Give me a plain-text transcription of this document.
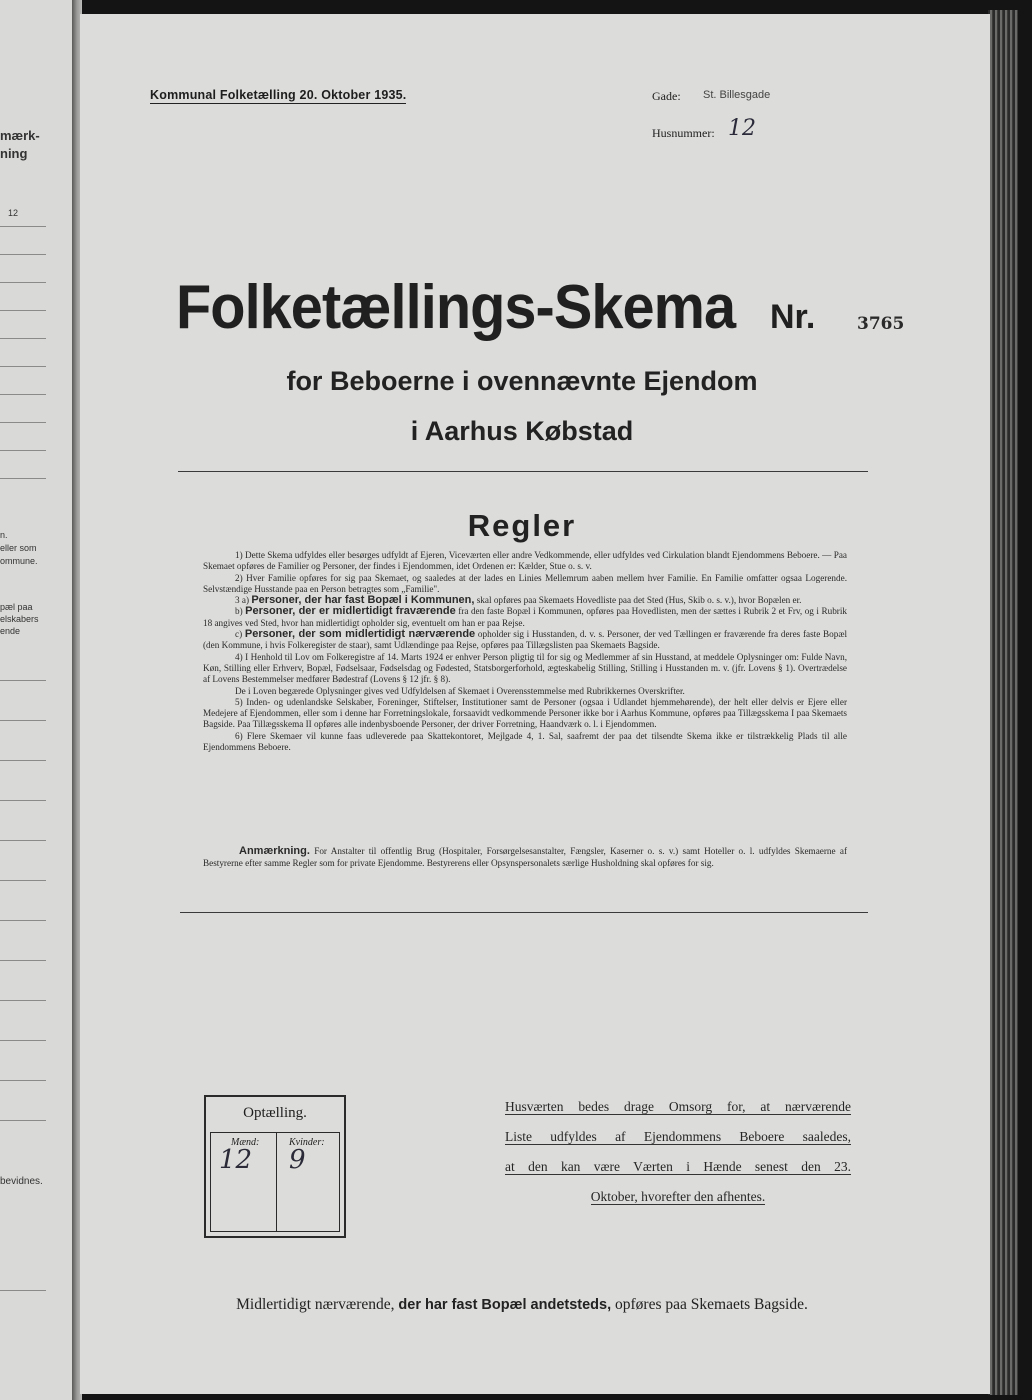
mærk-
ning
12
n.
eller som
ommune.
pæl paa
elskabers
ende
bevidnes.
Kommunal Folketælling 20. Oktober 1935.	Gade: St. Billesgade
Husnummer: 12
Folketællings-Skema Nr. 3765
for Beboerne i ovennævnte Ejendom
i Aarhus Købstad
Regler

1) Dette Skema udfyldes eller besørges udfyldt af Ejeren, Viceværten eller andre Vedkommende, eller udfyldes ved Cirkulation blandt Ejendommens Beboere. — Paa Skemaet opføres de Familier og Personer, der findes i Ejendommen, idet Ordenen er: Kælder, Stue o. s. v.

2) Hver Familie opføres for sig paa Skemaet, og saaledes at der lades en Linies Mellemrum aaben mellem hver Familie. En Familie omfatter ogsaa Logerende. Selvstændige Husstande paa en Person betragtes som „Familie".

3 a) Personer, der har fast Bopæl i Kommunen, skal opføres paa Skemaets Hovedliste paa det Sted (Hus, Skib o. s. v.), hvor Bopælen er.

b) Personer, der er midlertidigt fraværende fra den faste Bopæl i Kommunen, opføres paa Hovedlisten, men der sættes i Rubrik 2 et Frv, og i Rubrik 18 angives ved Sted, hvor han midlertidigt opholder sig, eventuelt om han er paa Rejse.

c) Personer, der som midlertidigt nærværende opholder sig i Husstanden, d. v. s. Personer, der ved Tællingen er fraværende fra deres faste Bopæl (den Kommune, i hvis Folkeregister de staar), samt Udlændinge paa Rejse, opføres paa Tillægslisten paa Skemaets Bagside.

4) I Henhold til Lov om Folkeregistre af 14. Marts 1924 er enhver Person pligtig til for sig og Medlemmer af sin Husstand, at meddele Oplysninger om: Fulde Navn, Køn, Stilling eller Erhverv, Bopæl, Fødselsaar, Fødselsdag og Fødested, Statsborgerforhold, ægteskabelig Stilling, Stilling i Husstanden m. v. (jfr. Lovens § 1). Overtrædelse af Lovens Bestemmelser medfører Bødestraf (Lovens § 12 jfr. § 8).

De i Loven begærede Oplysninger gives ved Udfyldelsen af Skemaet i Overensstemmelse med Rubrikkernes Overskrifter.

5) Inden- og udenlandske Selskaber, Foreninger, Stiftelser, Institutioner samt de Personer (ogsaa i Udlandet hjemmehørende), der helt eller delvis er Ejere eller Medejere af Ejendommen, eller som i denne har Forretningslokale, forsaavidt vedkommende Personer ikke bor i Aarhus Kommune, opføres paa Tillægsskema I paa Skemaets Bagside. Paa Tillægsskema II opføres alle indenbysboende Personer, der driver Forretning, Haandværk o. l. i Ejendommen.

6) Flere Skemaer vil kunne faas udleverede paa Skattekontoret, Mejlgade 4, 1. Sal, saafremt der paa det tilsendte Skema ikke er tilstrækkelig Plads til alle Ejendommens Beboere.

Anmærkning. For Anstalter til offentlig Brug (Hospitaler, Forsørgelsesanstalter, Fængsler, Kaserner o. s. v.) samt Hoteller o. l. udfyldes Skemaerne af Bestyrerne efter samme Regler som for private Ejendomme. Bestyrerens eller Opsynspersonalets særlige Husholdning skal opføres for sig.

Optælling.
Mænd:
12
Kvinder:
9
Husværten bedes drage Omsorg for, at nærværende
Liste udfyldes af Ejendommens Beboere saaledes,
at den kan være Værten i Hænde senest den 23.
Oktober, hvorefter den afhentes.
Midlertidigt nærværende, der har fast Bopæl andetsteds, opføres paa Skemaets Bagside.
